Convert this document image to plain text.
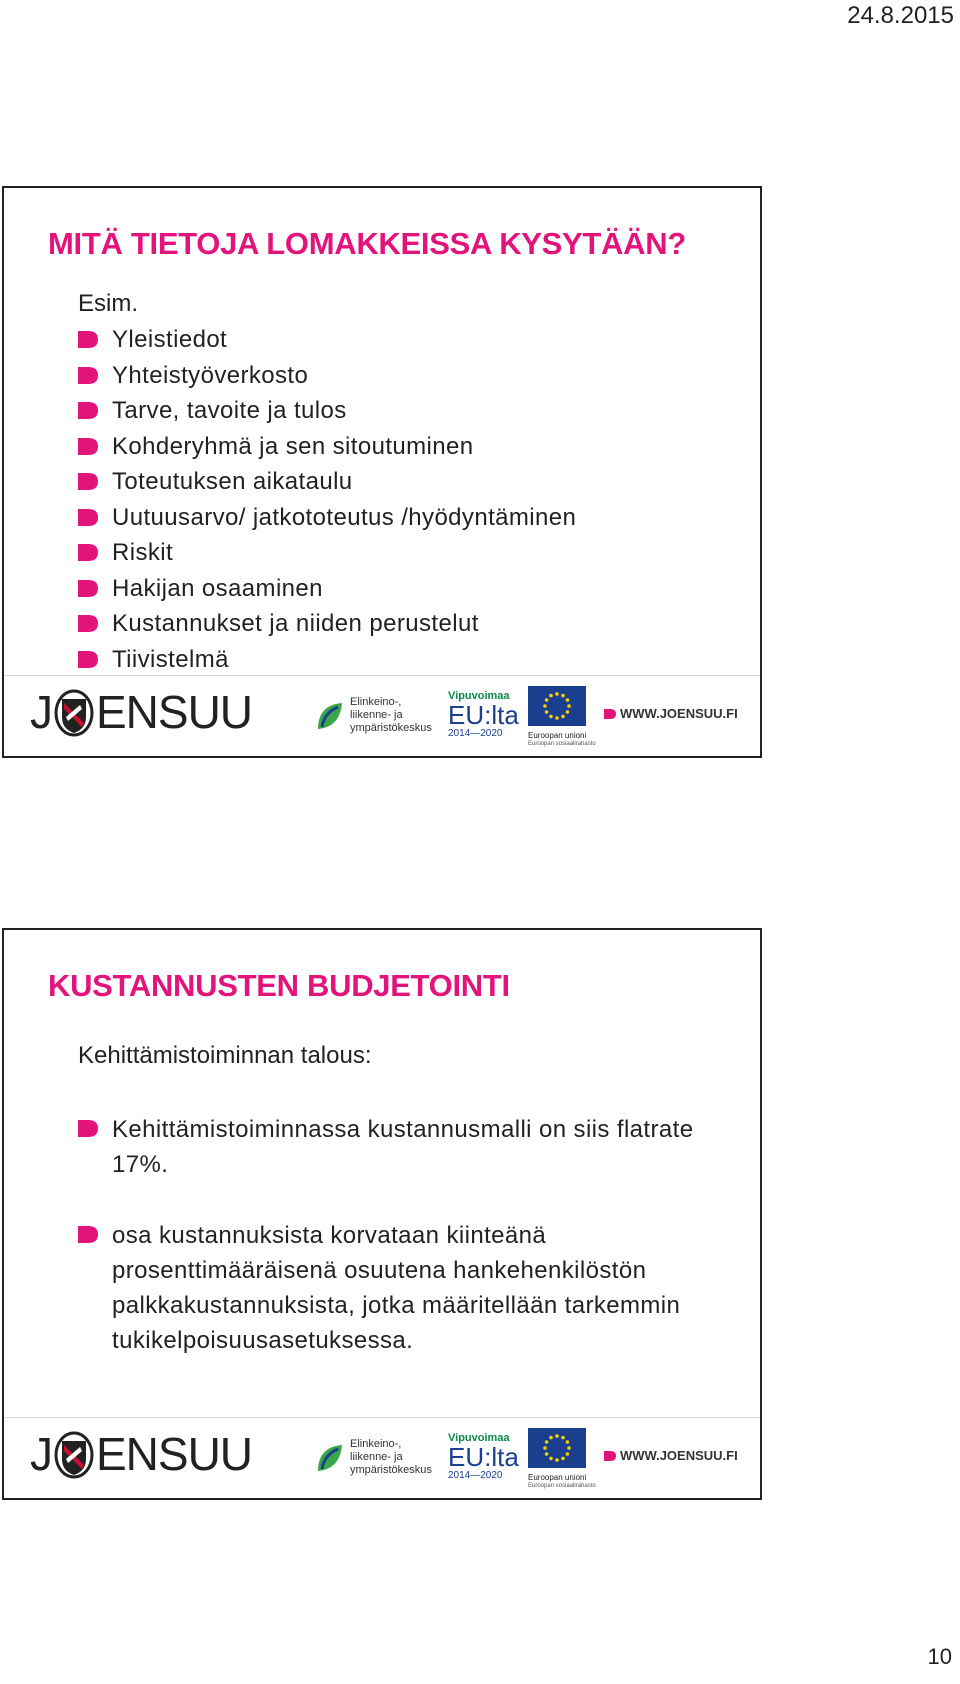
24.8.2015
MITÄ TIETOJA LOMAKKEISSA KYSYTÄÄN?
Esim.
Yleistiedot
Yhteistyöverkosto
Tarve, tavoite ja tulos
Kohderyhmä ja sen sitoutuminen
Toteutuksen aikataulu
Uutuusarvo/ jatkototeutus /hyödyntäminen
Riskit
Hakijan osaaminen
Kustannukset ja niiden perustelut
Tiivistelmä
J ENSUU	Elinkeino-, liikenne- ja
ympäristökeskus
Vipuvoimaa
EU:lta
2014—2020	Euroopan unioni
Euroopan sosiaalirahasto
WWW.JOENSUU.FI
KUSTANNUSTEN BUDJETOINTI
Kehittämistoiminnan talous:
Kehittämistoiminnassa kustannusmalli on siis flatrate 17%.
osa kustannuksista korvataan kiinteänä prosenttimääräisenä osuutena hankehenkilöstön palkkakustannuksista, jotka määritellään tarkemmin tukikelpoisuusasetuksessa.
J ENSUU	Elinkeino-, liikenne- ja
ympäristökeskus
Vipuvoimaa
EU:lta
2014—2020	Euroopan unioni
Euroopan sosiaalirahasto
WWW.JOENSUU.FI
10
